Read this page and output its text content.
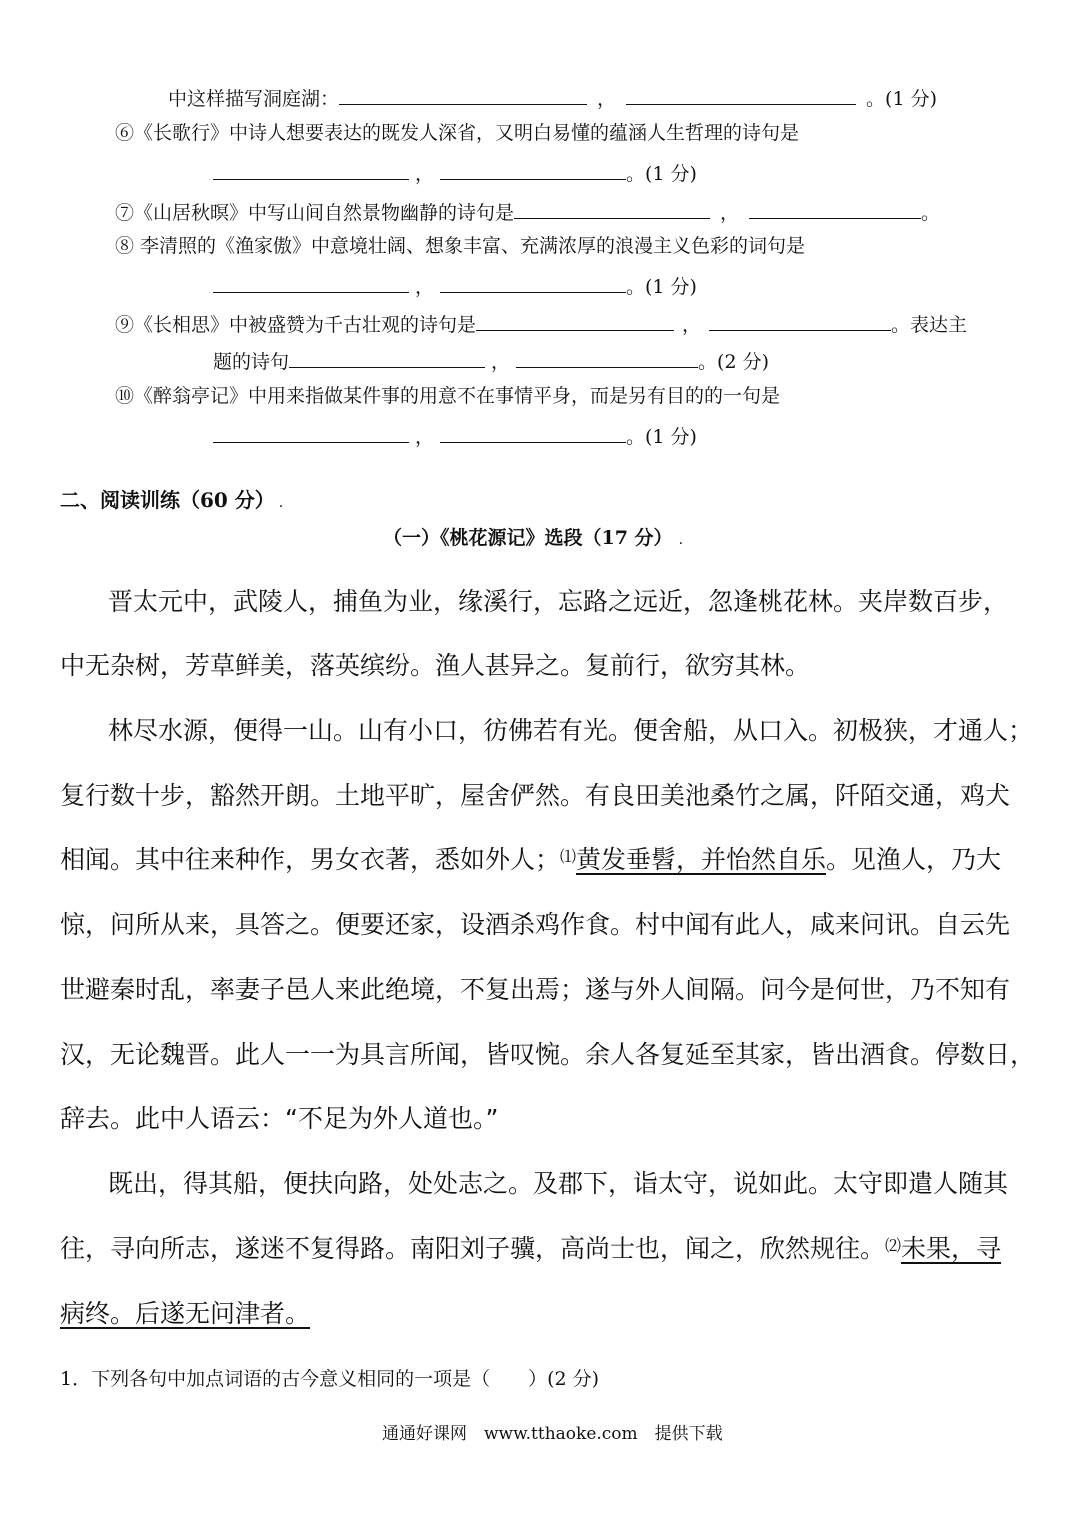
中这样描写洞庭湖：	，	。(1 分)
⑥《长歌行》中诗人想要表达的既发人深省，又明白易懂的蕴涵人生哲理的诗句是
，	。(1 分)
⑦《山居秋暝》中写山间自然景物幽静的诗句是	，	。
⑧ 李清照的《渔家傲》中意境壮阔、想象丰富、充满浓厚的浪漫主义色彩的词句是
，	。(1 分)
⑨《长相思》中被盛赞为千古壮观的诗句是	，	。表达主
题的诗句	，	。(2 分)
⑩《醉翁亭记》中用来指做某件事的用意不在事情平身，而是另有目的的一句是
，	。(1 分)
二、阅读训练（60 分） .
（一）《桃花源记》选段（17 分） .
晋太元中，武陵人，捕鱼为业，缘溪行，忘路之远近，忽逢桃花林。夹岸数百步，
中无杂树，芳草鲜美，落英缤纷。渔人甚异之。复前行，欲穷其林。
林尽水源，便得一山。山有小口，彷佛若有光。便舍船，从口入。初极狭，才通人；
复行数十步，豁然开朗。土地平旷，屋舍俨然。有良田美池桑竹之属，阡陌交通，鸡犬
相闻。其中往来种作，男女衣著，悉如外人；⑴黄发垂髫，并怡然自乐。见渔人，乃大
惊，问所从来，具答之。便要还家，设酒杀鸡作食。村中闻有此人，咸来问讯。自云先
世避秦时乱，率妻子邑人来此绝境，不复出焉；遂与外人间隔。问今是何世，乃不知有
汉，无论魏晋。此人一一为具言所闻，皆叹惋。余人各复延至其家，皆出酒食。停数日，
辞去。此中人语云：“不足为外人道也。”
既出，得其船，便扶向路，处处志之。及郡下，诣太守，说如此。太守即遣人随其
往，寻向所志，遂迷不复得路。南阳刘子骥，高尚士也，闻之，欣然规往。⑵未果，寻
病终。后遂无问津者。
1．下列各句中加点词语的古今意义相同的一项是（　　）(2 分)
通通好课网　www.tthaoke.com　提供下载
